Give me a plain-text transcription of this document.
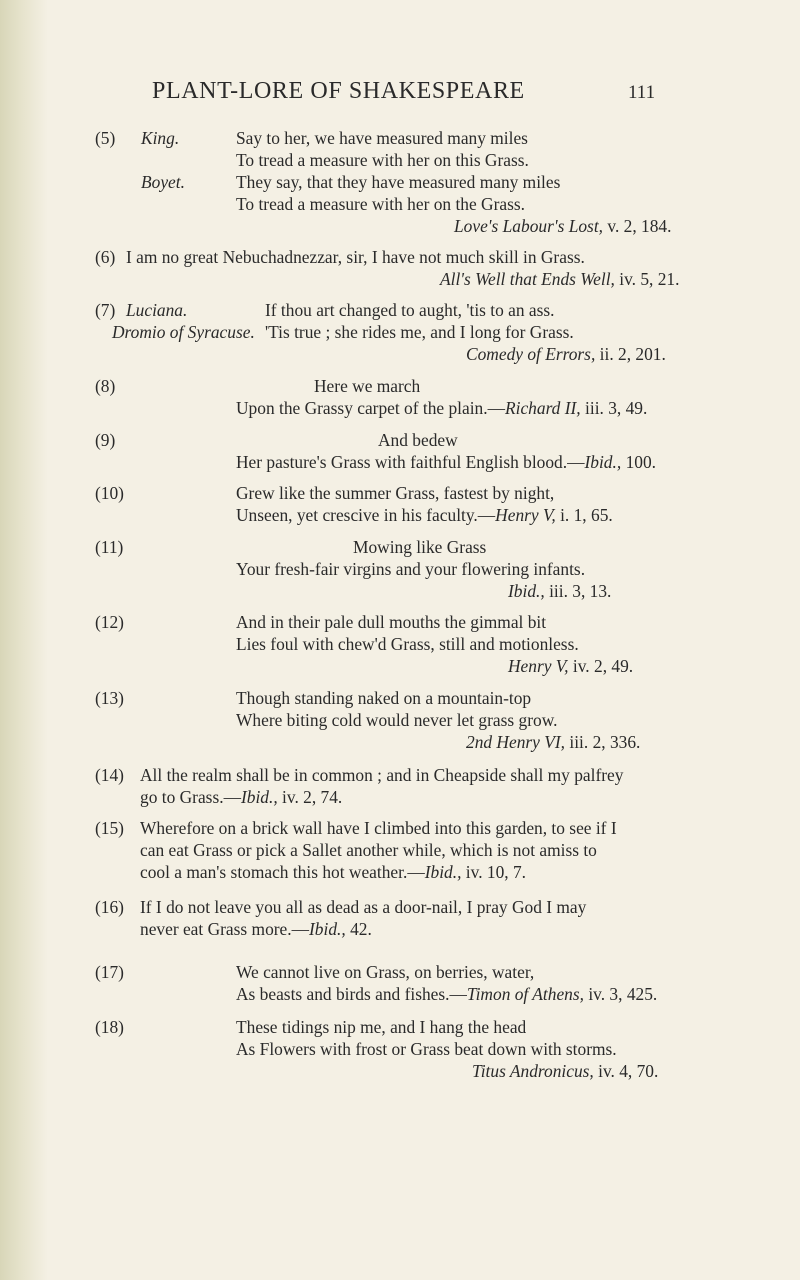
PLANT-LORE OF SHAKESPEARE	111
(5) King.	Say to her, we have measured many miles
To tread a measure with her on this Grass.
Boyet.	They say, that they have measured many miles
To tread a measure with her on the Grass.
Love's Labour's Lost, v. 2, 184.
(6) I am no great Nebuchadnezzar, sir, I have not much skill in Grass.
All's Well that Ends Well, iv. 5, 21.
(7) Luciana.	If thou art changed to aught, 'tis to an ass.
Dromio of Syracuse. 'Tis true ; she rides me, and I long for Grass.
Comedy of Errors, ii. 2, 201.
(8)	Here we march
Upon the Grassy carpet of the plain.—Richard II, iii. 3, 49.
(9)	And bedew
Her pasture's Grass with faithful English blood.—Ibid., 100.
(10)	Grew like the summer Grass, fastest by night,
Unseen, yet crescive in his faculty.—Henry V, i. 1, 65.
(11)	Mowing like Grass
Your fresh-fair virgins and your flowering infants.
Ibid., iii. 3, 13.
(12)	And in their pale dull mouths the gimmal bit
Lies foul with chew'd Grass, still and motionless.
Henry V, iv. 2, 49.
(13)	Though standing naked on a mountain-top
Where biting cold would never let grass grow.
2nd Henry VI, iii. 2, 336.
(14) All the realm shall be in common ; and in Cheapside shall my palfrey
go to Grass.—Ibid., iv. 2, 74.
(15) Wherefore on a brick wall have I climbed into this garden, to see if I
can eat Grass or pick a Sallet another while, which is not amiss to
cool a man's stomach this hot weather.—Ibid., iv. 10, 7.
(16) If I do not leave you all as dead as a door-nail, I pray God I may
never eat Grass more.—Ibid., 42.
(17)	We cannot live on Grass, on berries, water,
As beasts and birds and fishes.—Timon of Athens, iv. 3, 425.
(18)	These tidings nip me, and I hang the head
As Flowers with frost or Grass beat down with storms.
Titus Andronicus, iv. 4, 70.
